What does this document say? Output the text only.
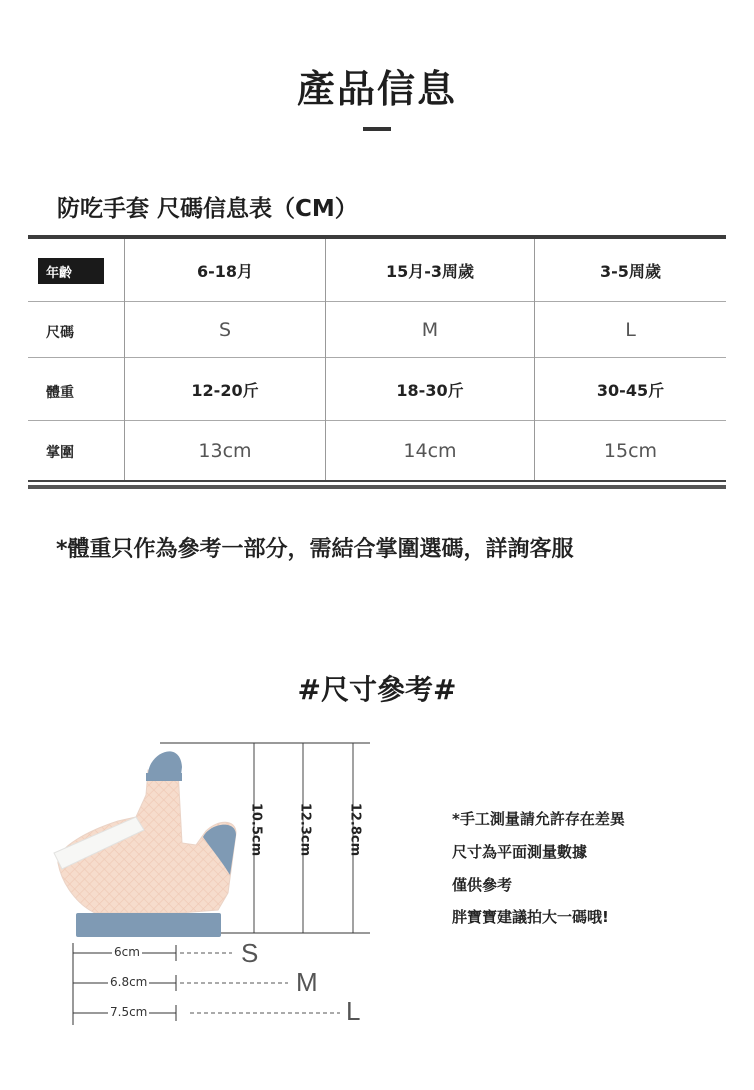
產品信息
防吃手套 尺碼信息表（CM）
年齡	6-18月	15月-3周歲	3-5周歲
尺碼	S	M	L
體重	12-20斤	18-30斤	30-45斤
掌圍	13cm	14cm	15cm
*體重只作為參考一部分，需結合掌圍選碼，詳詢客服
#尺寸參考#
10.5cm	12.3cm	12.8cm
6cm
6.8cm
7.5cm
S
M
L
*手工測量請允許存在差異
尺寸為平面測量數據
僅供參考
胖寶寶建議拍大一碼哦!
